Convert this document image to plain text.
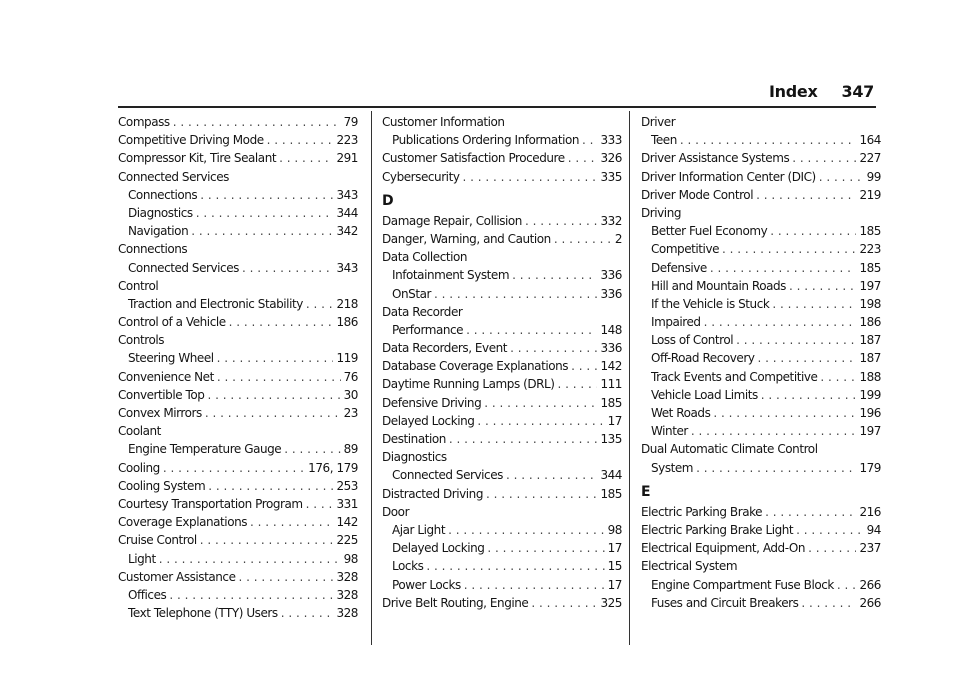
Index 347
Compass . . .	79
Competitive Driving Mode . . .	223
Compressor Kit, Tire Sealant . . .	291
Connected Services
Connections . . .	343
Diagnostics . . .	344
Navigation . . .	342
Connections
Connected Services . . .	343
Control
Traction and Electronic Stability . . .	218
Control of a Vehicle . . .	186
Controls
Steering Wheel . . .	119
Convenience Net . . .	76
Convertible Top . . .	30
Convex Mirrors . . .	23
Coolant
Engine Temperature Gauge . . .	89
Cooling . . .	176, 179
Cooling System . . .	253
Courtesy Transportation Program . . .	331
Coverage Explanations . . .	142
Cruise Control . . .	225
Light . . .	98
Customer Assistance . . .	328
Offices . . .	328
Text Telephone (TTY) Users . . .	328
Customer Information
Publications Ordering Information . . . 333
Customer Satisfaction Procedure . . .	326
Cybersecurity . . .	335
D
Damage Repair, Collision . . .	332
Danger, Warning, and Caution . . .	2
Data Collection
Infotainment System . . .	336
OnStar . . .	336
Data Recorder
Performance . . .	148
Data Recorders, Event . . .	336
Database Coverage Explanations . . .	142
Daytime Running Lamps (DRL) . . .	111
Defensive Driving . . .	185
Delayed Locking . . .	17
Destination . . .	135
Diagnostics
Connected Services . . .	344
Distracted Driving . . .	185
Door
Ajar Light . . .	98
Delayed Locking . . .	17
Locks . . .	15
Power Locks . . .	17
Drive Belt Routing, Engine . . .	325
Driver
Teen . . .	164
Driver Assistance Systems . . .	227
Driver Information Center (DIC) . . .	99
Driver Mode Control . . .	219
Driving
Better Fuel Economy . . .	185
Competitive . . .	223
Defensive . . .	185
Hill and Mountain Roads . . .	197
If the Vehicle is Stuck . . .	198
Impaired . . .	186
Loss of Control . . .	187
Off-Road Recovery . . .	187
Track Events and Competitive . . .	188
Vehicle Load Limits . . .	199
Wet Roads . . .	196
Winter . . .	197
Dual Automatic Climate Control
System . . .	179
E
Electric Parking Brake . . .	216
Electric Parking Brake Light . . .	94
Electrical Equipment, Add-On . . .	237
Electrical System
Engine Compartment Fuse Block . . . 266
Fuses and Circuit Breakers . . .	266
